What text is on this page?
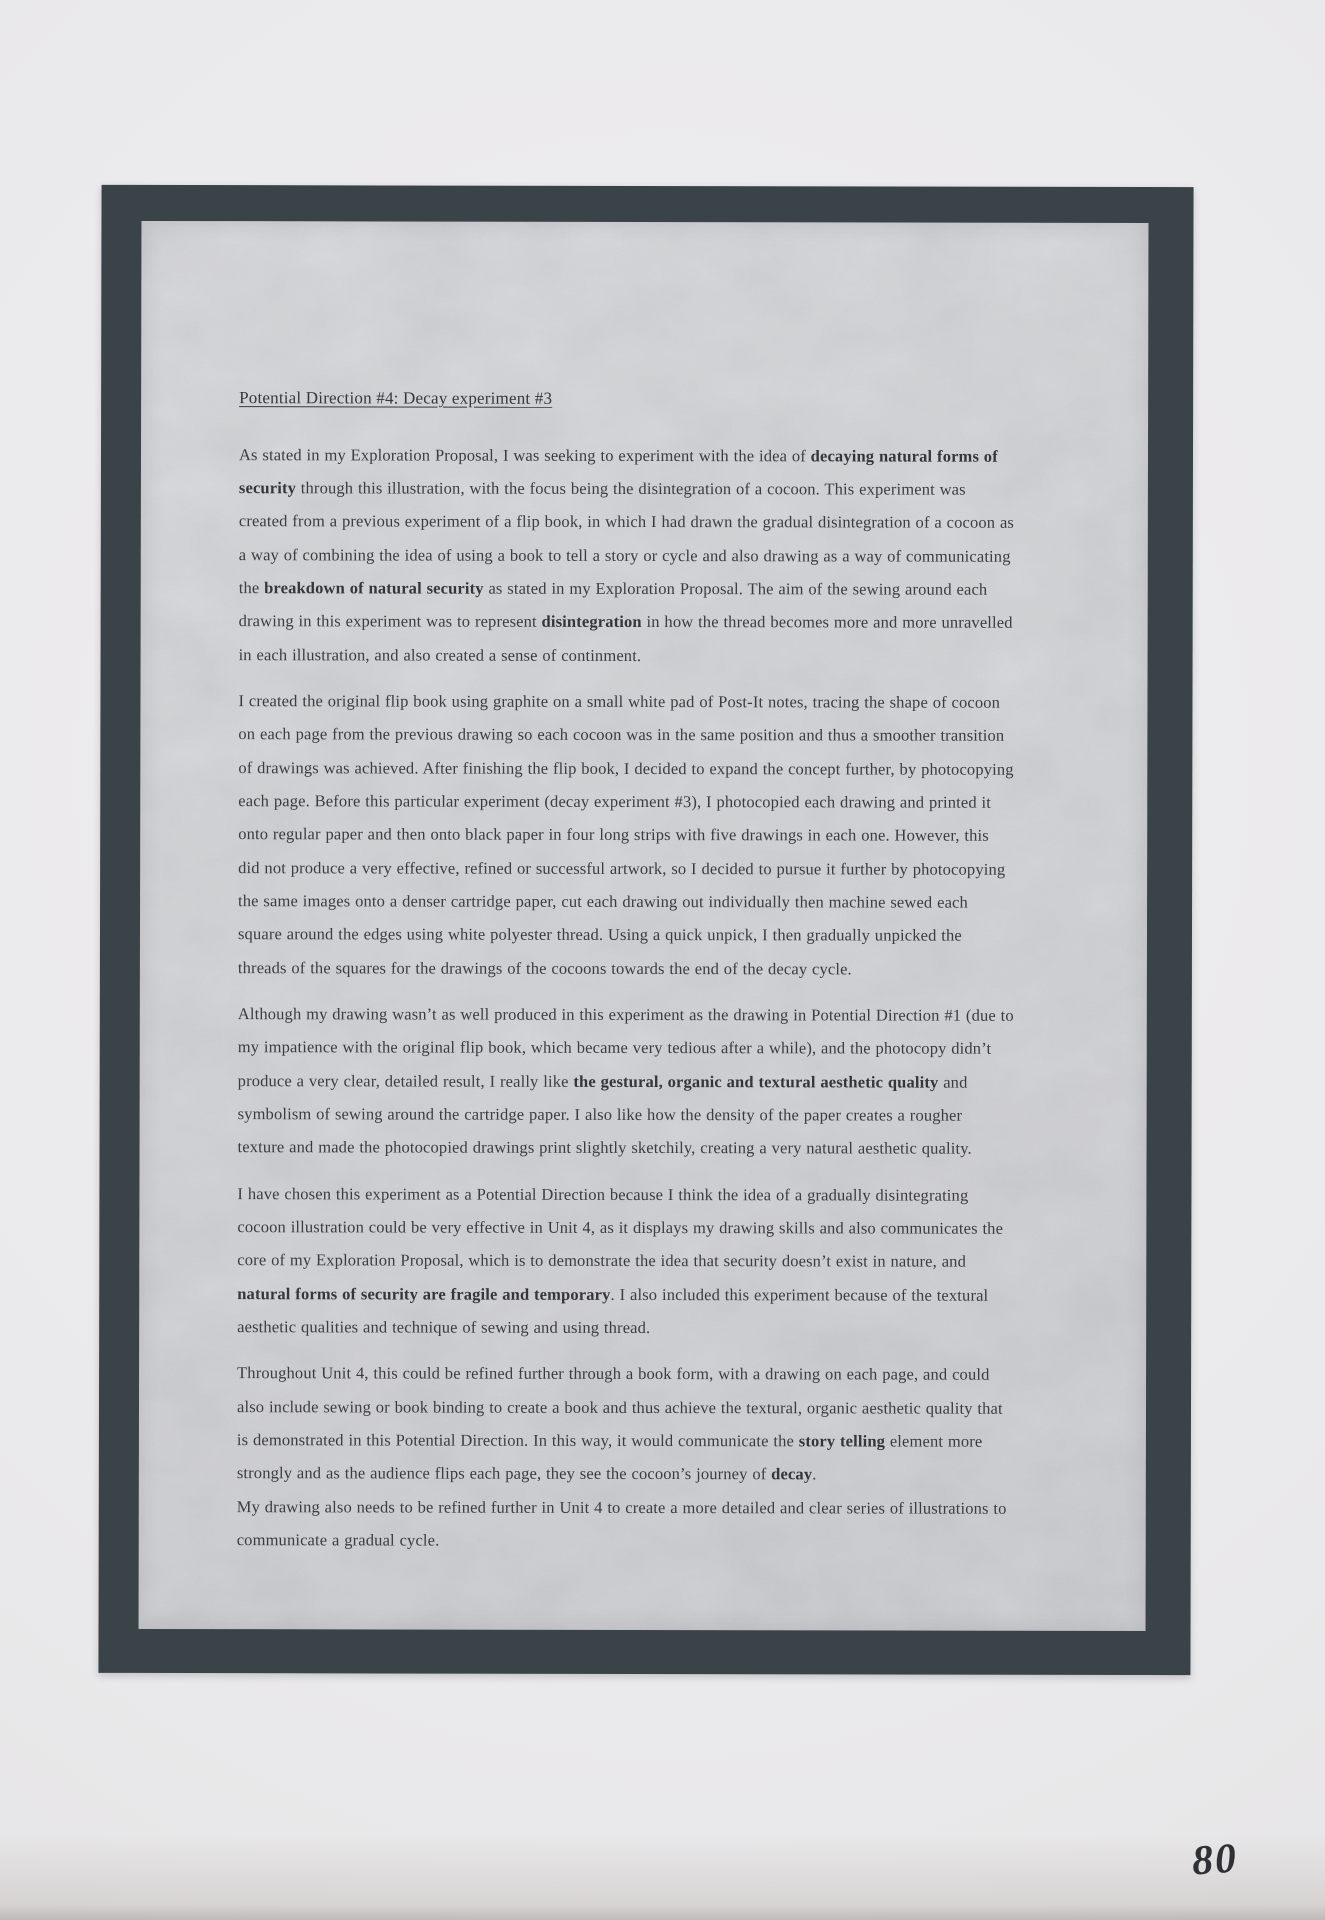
Potential Direction #4: Decay experiment #3

As stated in my Exploration Proposal, I was seeking to experiment with the idea of decaying natural forms of security through this illustration, with the focus being the disintegration of a cocoon. This experiment was created from a previous experiment of a flip book, in which I had drawn the gradual disintegration of a cocoon as a way of combining the idea of using a book to tell a story or cycle and also drawing as a way of communicating the breakdown of natural security as stated in my Exploration Proposal. The aim of the sewing around each drawing in this experiment was to represent disintegration in how the thread becomes more and more unravelled in each illustration, and also created a sense of continment.

I created the original flip book using graphite on a small white pad of Post-It notes, tracing the shape of cocoon on each page from the previous drawing so each cocoon was in the same position and thus a smoother transition of drawings was achieved. After finishing the flip book, I decided to expand the concept further, by photocopying each page. Before this particular experiment (decay experiment #3), I photocopied each drawing and printed it onto regular paper and then onto black paper in four long strips with five drawings in each one. However, this did not produce a very effective, refined or successful artwork, so I decided to pursue it further by photocopying the same images onto a denser cartridge paper, cut each drawing out individually then machine sewed each square around the edges using white polyester thread. Using a quick unpick, I then gradually unpicked the threads of the squares for the drawings of the cocoons towards the end of the decay cycle.

Although my drawing wasn’t as well produced in this experiment as the drawing in Potential Direction #1 (due to my impatience with the original flip book, which became very tedious after a while), and the photocopy didn’t produce a very clear, detailed result, I really like the gestural, organic and textural aesthetic quality and symbolism of sewing around the cartridge paper. I also like how the density of the paper creates a rougher texture and made the photocopied drawings print slightly sketchily, creating a very natural aesthetic quality.

I have chosen this experiment as a Potential Direction because I think the idea of a gradually disintegrating cocoon illustration could be very effective in Unit 4, as it displays my drawing skills and also communicates the core of my Exploration Proposal, which is to demonstrate the idea that security doesn’t exist in nature, and natural forms of security are fragile and temporary. I also included this experiment because of the textural aesthetic qualities and technique of sewing and using thread.

Throughout Unit 4, this could be refined further through a book form, with a drawing on each page, and could also include sewing or book binding to create a book and thus achieve the textural, organic aesthetic quality that is demonstrated in this Potential Direction. In this way, it would communicate the story telling element more strongly and as the audience flips each page, they see the cocoon’s journey of decay.

My drawing also needs to be refined further in Unit 4 to create a more detailed and clear series of illustrations to communicate a gradual cycle.

80
